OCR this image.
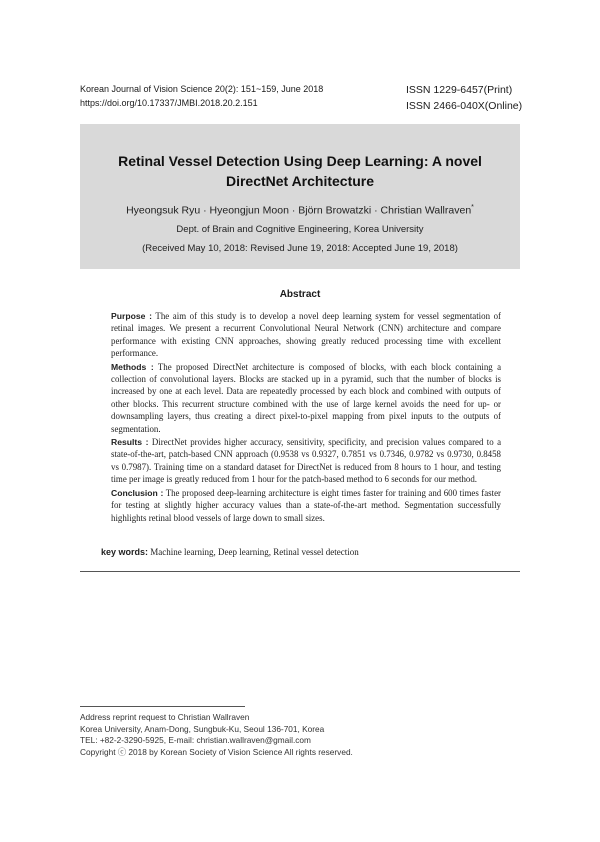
Korean Journal of Vision Science 20(2): 151~159, June 2018
https://doi.org/10.17337/JMBI.2018.20.2.151
ISSN 1229-6457(Print)
ISSN 2466-040X(Online)
Retinal Vessel Detection Using Deep Learning: A novel
DirectNet Architecture
Hyeongsuk Ryu · Hyeongjun Moon · Björn Browatzki · Christian Wallraven*
Dept. of Brain and Cognitive Engineering, Korea University
(Received May 10, 2018: Revised June 19, 2018: Accepted June 19, 2018)
Abstract

Purpose : The aim of this study is to develop a novel deep learning system for vessel segmentation of retinal images. We present a recurrent Convolutional Neural Network (CNN) architecture and compare performance with existing CNN approaches, showing greatly reduced processing time with excellent performance.

Methods : The proposed DirectNet architecture is composed of blocks, with each block containing a collection of convolutional layers. Blocks are stacked up in a pyramid, such that the number of blocks is increased by one at each level. Data are repeatedly processed by each block and combined with outputs of other blocks. This recurrent structure combined with the use of large kernel avoids the need for up- or downsampling layers, thus creating a direct pixel-to-pixel mapping from pixel inputs to the outputs of segmentation.

Results : DirectNet provides higher accuracy, sensitivity, specificity, and precision values compared to a state-of-the-art, patch-based CNN approach (0.9538 vs 0.9327, 0.7851 vs 0.7346, 0.9782 vs 0.9730, 0.8458 vs 0.7987). Training time on a standard dataset for DirectNet is reduced from 8 hours to 1 hour, and testing time per image is greatly reduced from 1 hour for the patch-based method to 6 seconds for our method.

Conclusion : The proposed deep-learning architecture is eight times faster for training and 600 times faster for testing at slightly higher accuracy values than a state-of-the-art method. Segmentation successfully highlights retinal blood vessels of large down to small sizes.

key words: Machine learning, Deep learning, Retinal vessel detection
Address reprint request to Christian Wallraven
Korea University, Anam-Dong, Sungbuk-Ku, Seoul 136-701, Korea
TEL: +82-2-3290-5925, E-mail: christian.wallraven@gmail.com
Copyright ⓒ 2018 by Korean Society of Vision Science All rights reserved.
